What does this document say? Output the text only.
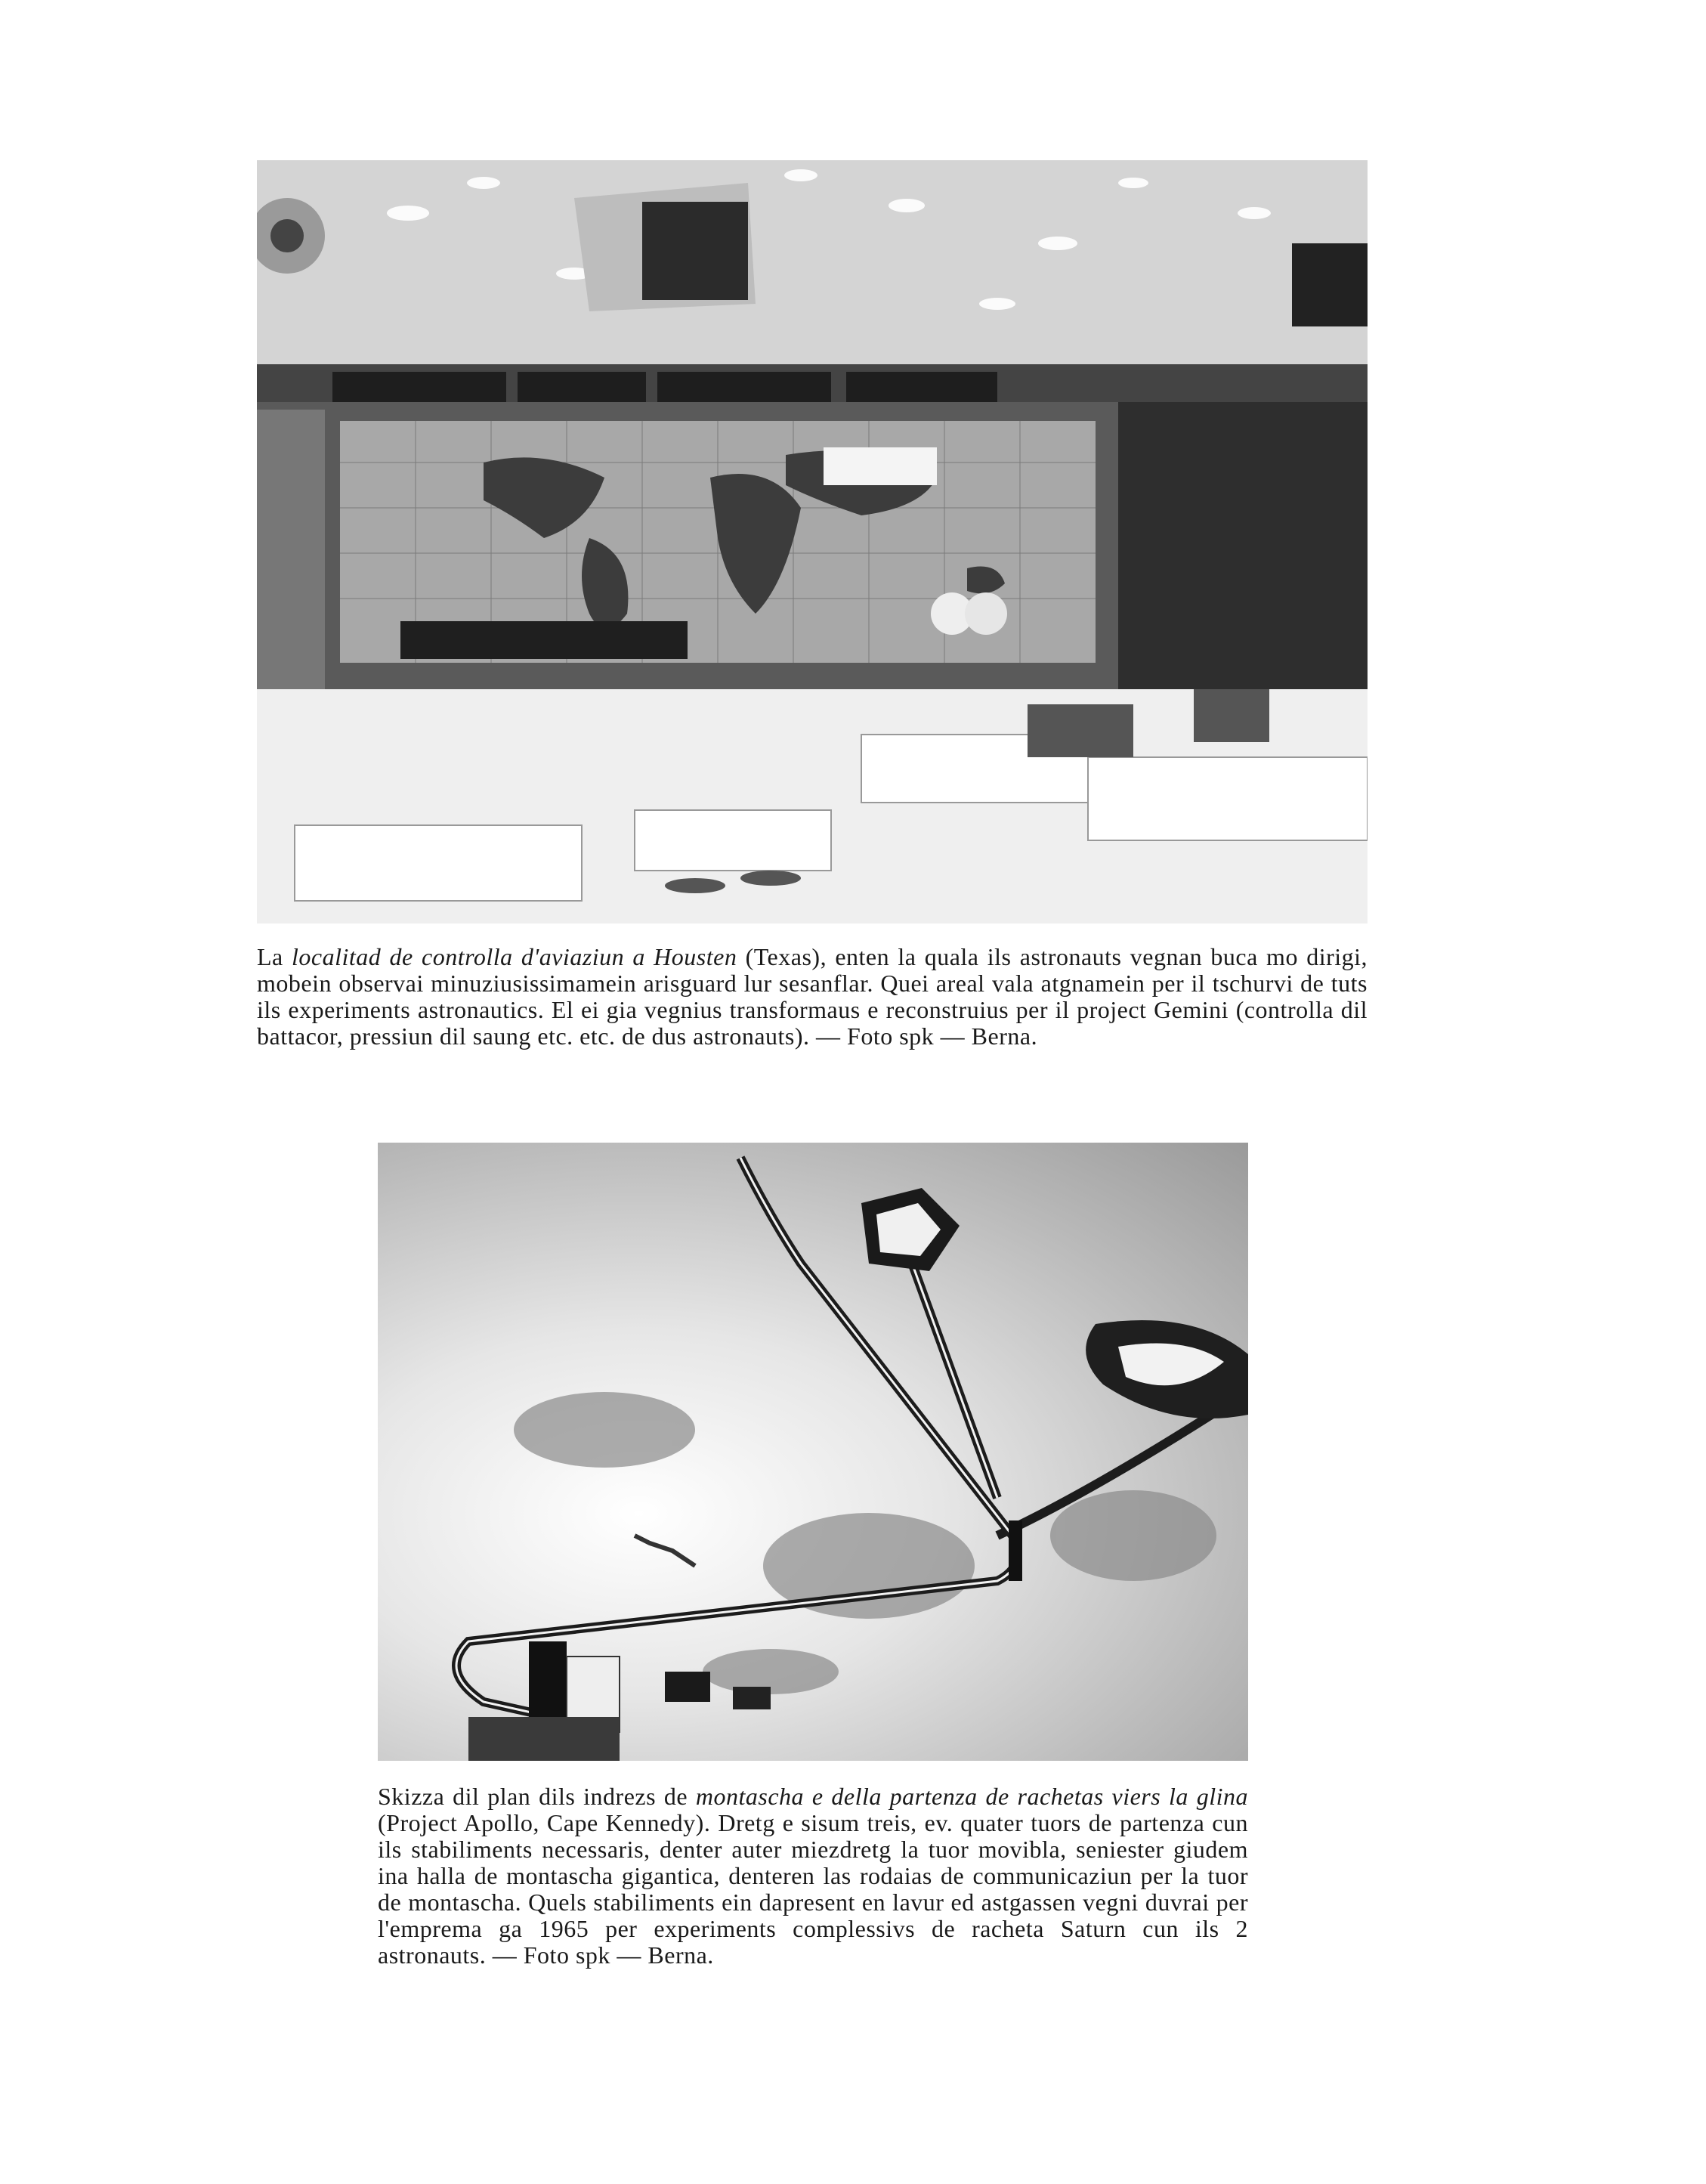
La localitad de controlla d'aviaziun a Housten (Texas), enten la quala ils astronauts vegnan buca mo dirigi, mobein observai minuziusissimamein arisguard lur sesanflar. Quei areal vala atgnamein per il tschurvi de tuts ils experiments astronautics. El ei gia vegnius transformaus e reconstruius per il project Gemini (controlla dil battacor, pressiun dil saung etc. etc. de dus astronauts). — Foto spk — Berna.

Skizza dil plan dils indrezs de montascha e della partenza de rachetas viers la glina (Project Apollo, Cape Kennedy). Dretg e sisum treis, ev. quater tuors de partenza cun ils stabiliments necessaris, denter auter miezdretg la tuor movibla, seniester giudem ina halla de montascha gigantica, denteren las rodaias de communicaziun per la tuor de montascha. Quels stabiliments ein dapresent en lavur ed astgassen vegni duvrai per l'emprema ga 1965 per experiments complessivs de racheta Saturn cun ils 2 astronauts. — Foto spk — Berna.
